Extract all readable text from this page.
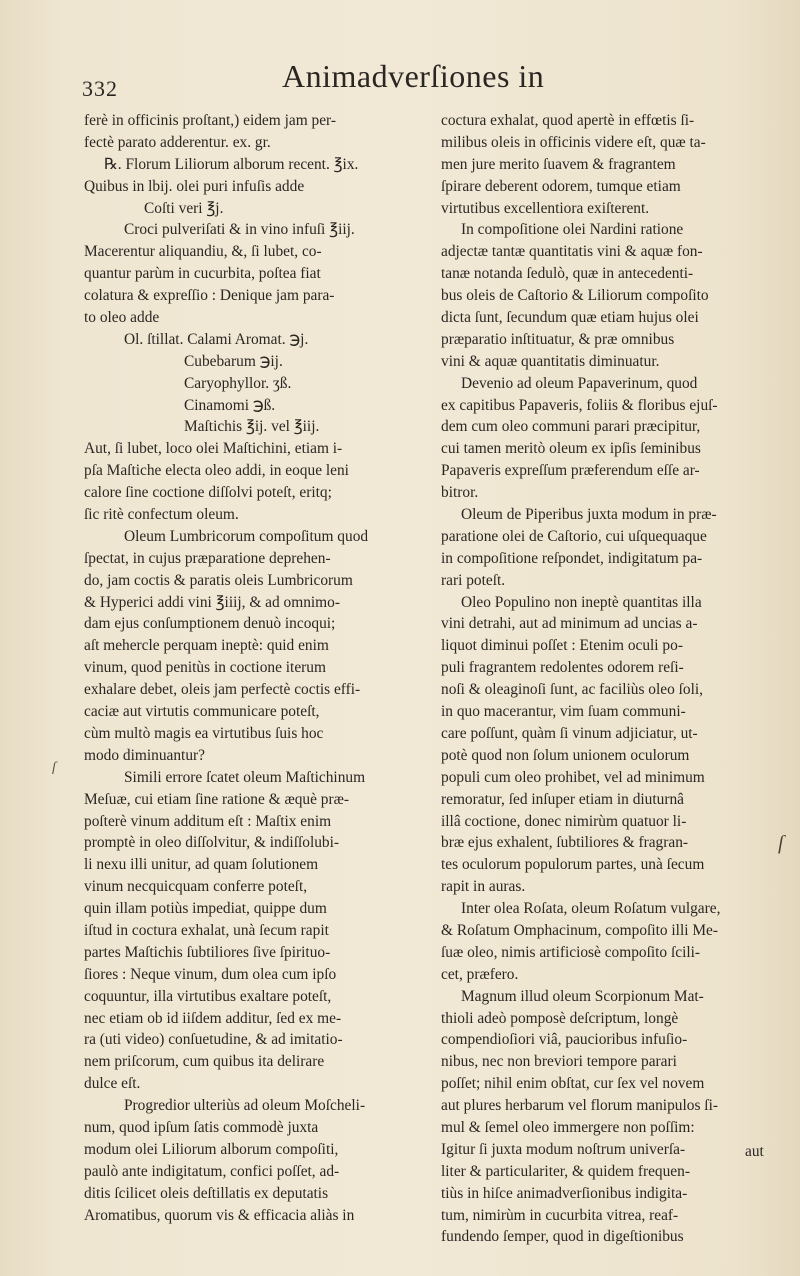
332	Animadverſiones in
ferè in officinis proſtant,) eidem jam per-
fectè parato adderentur. ex. gr.
℞. Florum Liliorum alborum recent. ℥ix.
Quibus in lbij. olei puri infuſis adde
Coſti veri ℥j.
Croci pulveriſati & in vino infuſi ℥iij.
Macerentur aliquandiu, &, ſi lubet, co-
quantur parùm in cucurbita, poſtea fiat
colatura & expreſſio : Denique jam para-
to oleo adde
Ol. ſtillat. Calami Aromat. ℈j.
Cubebarum ℈ij.
Caryophyllor. ʒß.
Cinamomi ℈ß.
Maſtichis ℥ij. vel ℥iij.
Aut, ſi lubet, loco olei Maſtichini, etiam i-
pſa Maſtiche electa oleo addi, in eoque leni
calore ſine coctione diſſolvi poteſt, eritq;
ſic ritè confectum oleum.
Oleum Lumbricorum compoſitum quod
ſpectat, in cujus præparatione deprehen-
do, jam coctis & paratis oleis Lumbricorum
& Hyperici addi vini ℥iiij, & ad omnimo-
dam ejus conſumptionem denuò incoqui;
aſt mehercle perquam ineptè: quid enim
vinum, quod penitùs in coctione iterum
exhalare debet, oleis jam perfectè coctis effi-
caciæ aut virtutis communicare poteſt,
cùm multò magis ea virtutibus ſuis hoc
modo diminuantur?
Simili errore ſcatet oleum Maſtichinum
Meſuæ, cui etiam ſine ratione & æquè præ-
poſterè vinum additum eſt : Maſtix enim
promptè in oleo diſſolvitur, & indiſſolubi-
li nexu illi unitur, ad quam ſolutionem
vinum necquicquam conferre poteſt,
quin illam potiùs impediat, quippe dum
iſtud in coctura exhalat, unà ſecum rapit
partes Maſtichis ſubtiliores ſive ſpirituo-
ſiores : Neque vinum, dum olea cum ipſo
coquuntur, illa virtutibus exaltare poteſt,
nec etiam ob id iiſdem additur, ſed ex me-
ra (uti video) conſuetudine, & ad imitatio-
nem priſcorum, cum quibus ita delirare
dulce eſt.
Progredior ulteriùs ad oleum Moſcheli-
num, quod ipſum ſatis commodè juxta
modum olei Liliorum alborum compoſiti,
paulò ante indigitatum, confici poſſet, ad-
ditis ſcilicet oleis deſtillatis ex deputatis
Aromatibus, quorum vis & efficacia aliàs in
coctura exhalat, quod apertè in effœtis ſi-
milibus oleis in officinis videre eſt, quæ ta-
men jure merito ſuavem & fragrantem
ſpirare deberent odorem, tumque etiam
virtutibus excellentiora exiſterent.
In compoſitione olei Nardini ratione
adjectæ tantæ quantitatis vini & aquæ fon-
tanæ notanda ſedulò, quæ in antecedenti-
bus oleis de Caſtorio & Liliorum compoſito
dicta ſunt, ſecundum quæ etiam hujus olei
præparatio inſtituatur, & præ omnibus
vini & aquæ quantitatis diminuatur.
Devenio ad oleum Papaverinum, quod
ex capitibus Papaveris, foliis & floribus ejuſ-
dem cum oleo communi parari præcipitur,
cui tamen meritò oleum ex ipſis ſeminibus
Papaveris expreſſum præferendum eſſe ar-
bitror.
Oleum de Piperibus juxta modum in præ-
paratione olei de Caſtorio, cui uſquequaque
in compoſitione reſpondet, indigitatum pa-
rari poteſt.
Oleo Populino non ineptè quantitas illa
vini detrahi, aut ad minimum ad uncias a-
liquot diminui poſſet : Etenim oculi po-
puli fragrantem redolentes odorem reſi-
noſi & oleaginoſi ſunt, ac faciliùs oleo ſoli,
in quo macerantur, vim ſuam communi-
care poſſunt, quàm ſi vinum adjiciatur, ut-
potè quod non ſolum unionem oculorum
populi cum oleo prohibet, vel ad minimum
remoratur, ſed inſuper etiam in diuturnâ
illâ coctione, donec nimirùm quatuor li-
bræ ejus exhalent, ſubtiliores & fragran-
tes oculorum populorum partes, unà ſecum
rapit in auras.
Inter olea Roſata, oleum Roſatum vulgare,
& Roſatum Omphacinum, compoſito illi Me-
ſuæ oleo, nimis artificiosè compoſito ſcili-
cet, præfero.
Magnum illud oleum Scorpionum Mat-
thioli adeò pomposè deſcriptum, longè
compendioſiori viâ, paucioribus infuſio-
nibus, nec non breviori tempore parari
poſſet; nihil enim obſtat, cur ſex vel novem
aut plures herbarum vel florum manipulos ſi-
mul & ſemel oleo immergere non poſſim:
Igitur ſi juxta modum noſtrum univerſa-
liter & particulariter, & quidem frequen-
tiùs in hiſce animadverſionibus indigita-
tum, nimirùm in cucurbita vitrea, reaf-
fundendo ſemper, quod in digeſtionibus
ſ
ſ
aut
